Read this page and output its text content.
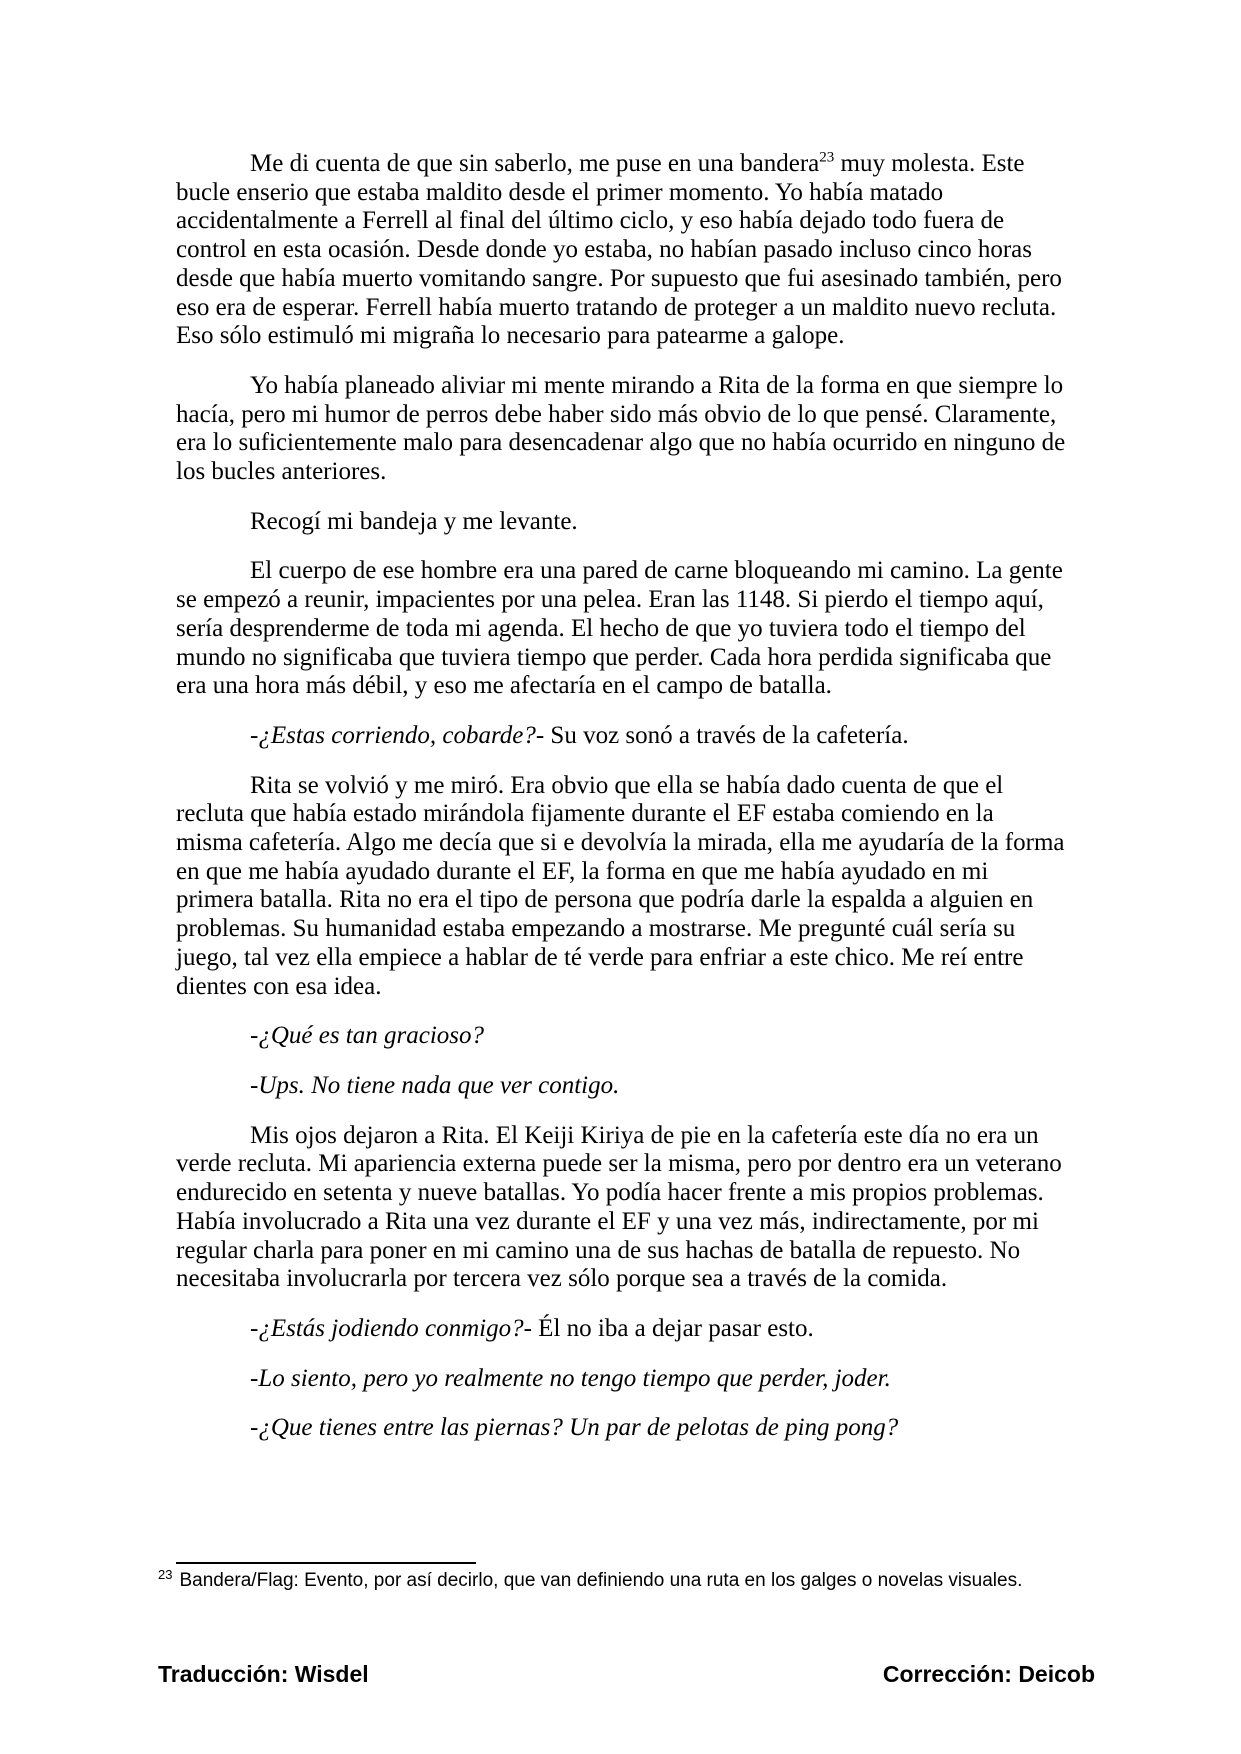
Me di cuenta de que sin saberlo, me puse en una bandera$^{23}$ muy molesta. Este bucle enserio que estaba maldito desde el primer momento. Yo había matado accidentalmente a Ferrell al final del último ciclo, y eso había dejado todo fuera de control en esta ocasión. Desde donde yo estaba, no habían pasado incluso cinco horas desde que había muerto vomitando sangre. Por supuesto que fui asesinado también, pero eso era de esperar. Ferrell había muerto tratando de proteger a un maldito nuevo recluta. Eso sólo estimuló mi migraña lo necesario para patearme a galope.

Yo había planeado aliviar mi mente mirando a Rita de la forma en que siempre lo hacía, pero mi humor de perros debe haber sido más obvio de lo que pensé. Claramente, era lo suficientemente malo para desencadenar algo que no había ocurrido en ninguno de los bucles anteriores.

Recogí mi bandeja y me levante.

El cuerpo de ese hombre era una pared de carne bloqueando mi camino. La gente se empezó a reunir, impacientes por una pelea. Eran las 1148. Si pierdo el tiempo aquí, sería desprenderme de toda mi agenda. El hecho de que yo tuviera todo el tiempo del mundo no significaba que tuviera tiempo que perder. Cada hora perdida significaba que era una hora más débil, y eso me afectaría en el campo de batalla.

-¿Estas corriendo, cobarde?- Su voz sonó a través de la cafetería.

Rita se volvió y me miró. Era obvio que ella se había dado cuenta de que el recluta que había estado mirándola fijamente durante el EF estaba comiendo en la misma cafetería. Algo me decía que si e devolvía la mirada, ella me ayudaría de la forma en que me había ayudado durante el EF, la forma en que me había ayudado en mi primera batalla. Rita no era el tipo de persona que podría darle la espalda a alguien en problemas. Su humanidad estaba empezando a mostrarse. Me pregunté cuál sería su juego, tal vez ella empiece a hablar de té verde para enfriar a este chico. Me reí entre dientes con esa idea.

-¿Qué es tan gracioso?

-Ups. No tiene nada que ver contigo.

Mis ojos dejaron a Rita. El Keiji Kiriya de pie en la cafetería este día no era un verde recluta. Mi apariencia externa puede ser la misma, pero por dentro era un veterano endurecido en setenta y nueve batallas. Yo podía hacer frente a mis propios problemas. Había involucrado a Rita una vez durante el EF y una vez más, indirectamente, por mi regular charla para poner en mi camino una de sus hachas de batalla de repuesto. No necesitaba involucrarla por tercera vez sólo porque sea a través de la comida.

-¿Estás jodiendo conmigo?- Él no iba a dejar pasar esto.

-Lo siento, pero yo realmente no tengo tiempo que perder, joder.

-¿Que tienes entre las piernas? Un par de pelotas de ping pong?

$^{23}$ Bandera/Flag: Evento, por así decirlo, que van definiendo una ruta en los galges o novelas visuales.
Traducción: Wisdel	Corrección: Deicob
